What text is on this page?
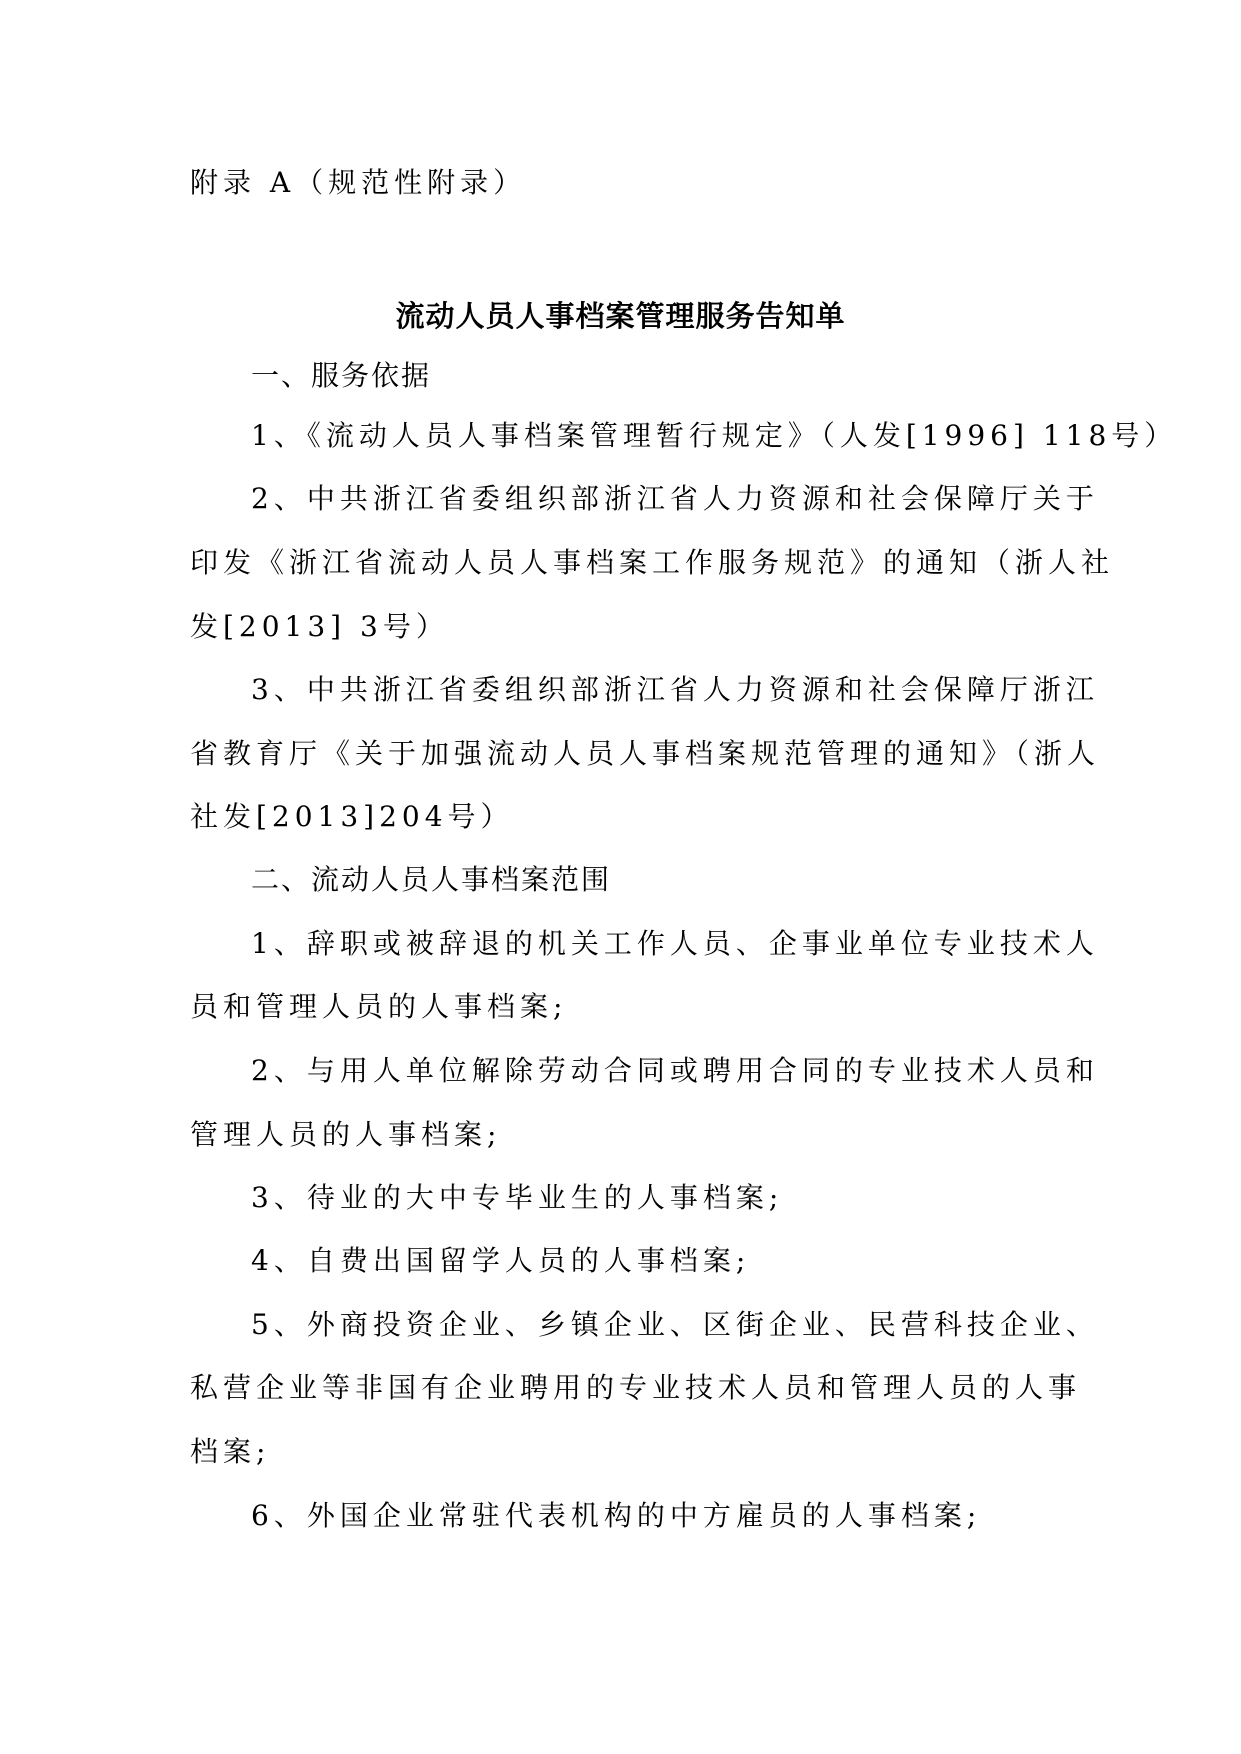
附录 A（规范性附录）

流动人员人事档案管理服务告知单

一、服务依据

1、《流动人员人事档案管理暂行规定》（人发[1996] 118号）

2、中共浙江省委组织部浙江省人力资源和社会保障厅关于

印发《浙江省流动人员人事档案工作服务规范》的通知（浙人社

发[2013] 3号）

3、中共浙江省委组织部浙江省人力资源和社会保障厅浙江

省教育厅《关于加强流动人员人事档案规范管理的通知》（浙人

社发[2013]204号）

二、流动人员人事档案范围

1、辞职或被辞退的机关工作人员、企事业单位专业技术人

员和管理人员的人事档案;

2、与用人单位解除劳动合同或聘用合同的专业技术人员和

管理人员的人事档案;

3、待业的大中专毕业生的人事档案;

4、自费出国留学人员的人事档案;

5、外商投资企业、乡镇企业、区街企业、民营科技企业、

私营企业等非国有企业聘用的专业技术人员和管理人员的人事

档案;

6、外国企业常驻代表机构的中方雇员的人事档案;
